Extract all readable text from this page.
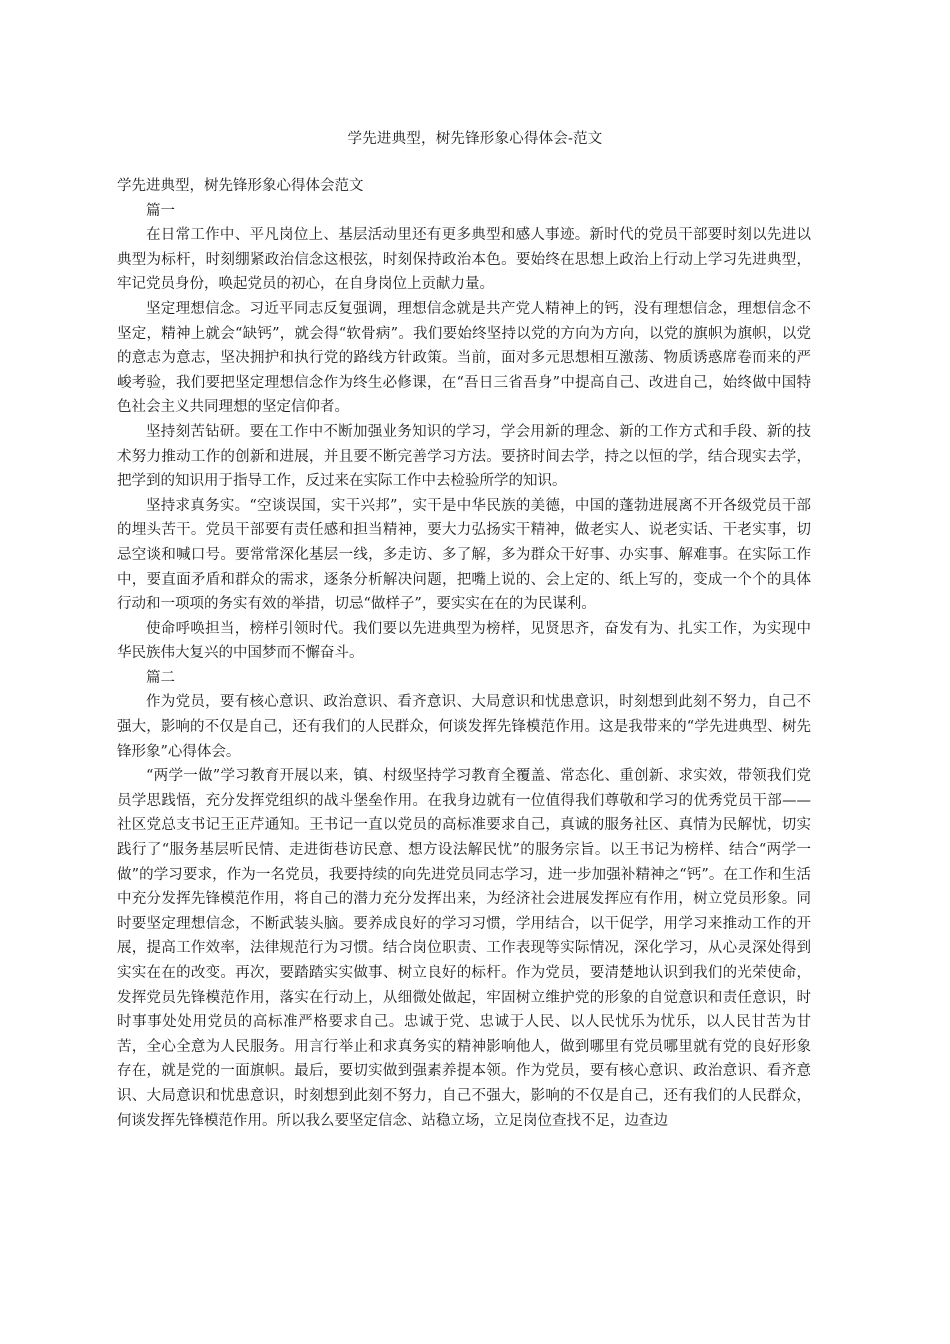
学先进典型，树先锋形象心得体会-范文

学先进典型，树先锋形象心得体会范文

篇一

在日常工作中、平凡岗位上、基层活动里还有更多典型和感人事迹。新时代的党员干部要时刻以先进以典型为标杆，时刻绷紧政治信念这根弦，时刻保持政治本色。要始终在思想上政治上行动上学习先进典型，牢记党员身份，唤起党员的初心，在自身岗位上贡献力量。

坚定理想信念。习近平同志反复强调，理想信念就是共产党人精神上的钙，没有理想信念，理想信念不坚定，精神上就会“缺钙”，就会得“软骨病”。我们要始终坚持以党的方向为方向，以党的旗帜为旗帜，以党的意志为意志，坚决拥护和执行党的路线方针政策。当前，面对多元思想相互激荡、物质诱惑席卷而来的严峻考验，我们要把坚定理想信念作为终生必修课，在“吾日三省吾身”中提高自己、改进自己，始终做中国特色社会主义共同理想的坚定信仰者。

坚持刻苦钻研。要在工作中不断加强业务知识的学习，学会用新的理念、新的工作方式和手段、新的技术努力推动工作的创新和进展，并且要不断完善学习方法。要挤时间去学，持之以恒的学，结合现实去学，把学到的知识用于指导工作，反过来在实际工作中去检验所学的知识。

坚持求真务实。“空谈误国，实干兴邦”，实干是中华民族的美德，中国的蓬勃进展离不开各级党员干部的埋头苦干。党员干部要有责任感和担当精神，要大力弘扬实干精神，做老实人、说老实话、干老实事，切忌空谈和喊口号。要常常深化基层一线，多走访、多了解，多为群众干好事、办实事、解难事。在实际工作中，要直面矛盾和群众的需求，逐条分析解决问题，把嘴上说的、会上定的、纸上写的，变成一个个的具体行动和一项项的务实有效的举措，切忌“做样子”，要实实在在的为民谋利。

使命呼唤担当，榜样引领时代。我们要以先进典型为榜样，见贤思齐，奋发有为、扎实工作，为实现中华民族伟大复兴的中国梦而不懈奋斗。

篇二

作为党员，要有核心意识、政治意识、看齐意识、大局意识和忧患意识，时刻想到此刻不努力，自己不强大，影响的不仅是自己，还有我们的人民群众，何谈发挥先锋模范作用。这是我带来的“学先进典型、树先锋形象”心得体会。

“两学一做”学习教育开展以来，镇、村级坚持学习教育全覆盖、常态化、重创新、求实效，带领我们党员学思践悟，充分发挥党组织的战斗堡垒作用。在我身边就有一位值得我们尊敬和学习的优秀党员干部——社区党总支书记王正芹通知。王书记一直以党员的高标准要求自己，真诚的服务社区、真情为民解忧，切实践行了“服务基层听民情、走进街巷访民意、想方设法解民忧”的服务宗旨。以王书记为榜样、结合“两学一做”的学习要求，作为一名党员，我要持续的向先进党员同志学习，进一步加强补精神之“钙”。在工作和生活中充分发挥先锋模范作用，将自己的潜力充分发挥出来，为经济社会进展发挥应有作用，树立党员形象。同时要坚定理想信念，不断武装头脑。要养成良好的学习习惯，学用结合，以干促学，用学习来推动工作的开展，提高工作效率，法律规范行为习惯。结合岗位职责、工作表现等实际情况，深化学习，从心灵深处得到实实在在的改变。再次，要踏踏实实做事、树立良好的标杆。作为党员，要清楚地认识到我们的光荣使命，发挥党员先锋模范作用，落实在行动上，从细微处做起，牢固树立维护党的形象的自觉意识和责任意识，时时事事处处用党员的高标准严格要求自己。忠诚于党、忠诚于人民、以人民忧乐为忧乐，以人民甘苦为甘苦，全心全意为人民服务。用言行举止和求真务实的精神影响他人，做到哪里有党员哪里就有党的良好形象存在，就是党的一面旗帜。最后，要切实做到强素养提本领。作为党员，要有核心意识、政治意识、看齐意识、大局意识和忧患意识，时刻想到此刻不努力，自己不强大，影响的不仅是自己，还有我们的人民群众，何谈发挥先锋模范作用。所以我么要坚定信念、站稳立场，立足岗位查找不足，边查边
